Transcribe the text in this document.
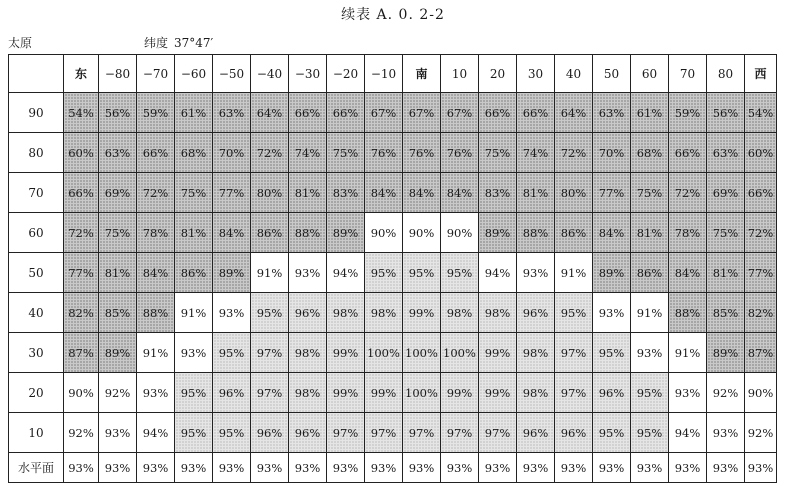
续表 A. 0. 2-2
太原	纬度 37°47′
	东	−80	−70	−60	−50	−40	−30	−20	−10	南	10	20	30	40	50	60	70	80	西
90	54%	56%	59%	61%	63%	64%	66%	66%	67%	67%	67%	66%	66%	64%	63%	61%	59%	56%	54%
80	60%	63%	66%	68%	70%	72%	74%	75%	76%	76%	76%	75%	74%	72%	70%	68%	66%	63%	60%
70	66%	69%	72%	75%	77%	80%	81%	83%	84%	84%	84%	83%	81%	80%	77%	75%	72%	69%	66%
60	72%	75%	78%	81%	84%	86%	88%	89%	90%	90%	90%	89%	88%	86%	84%	81%	78%	75%	72%
50	77%	81%	84%	86%	89%	91%	93%	94%	95%	95%	95%	94%	93%	91%	89%	86%	84%	81%	77%
40	82%	85%	88%	91%	93%	95%	96%	98%	98%	99%	98%	98%	96%	95%	93%	91%	88%	85%	82%
30	87%	89%	91%	93%	95%	97%	98%	99%	100%	100%	100%	99%	98%	97%	95%	93%	91%	89%	87%
20	90%	92%	93%	95%	96%	97%	98%	99%	99%	100%	99%	99%	98%	97%	96%	95%	93%	92%	90%
10	92%	93%	94%	95%	95%	96%	96%	97%	97%	97%	97%	97%	96%	96%	95%	95%	94%	93%	92%
水平面	93%	93%	93%	93%	93%	93%	93%	93%	93%	93%	93%	93%	93%	93%	93%	93%	93%	93%	93%
